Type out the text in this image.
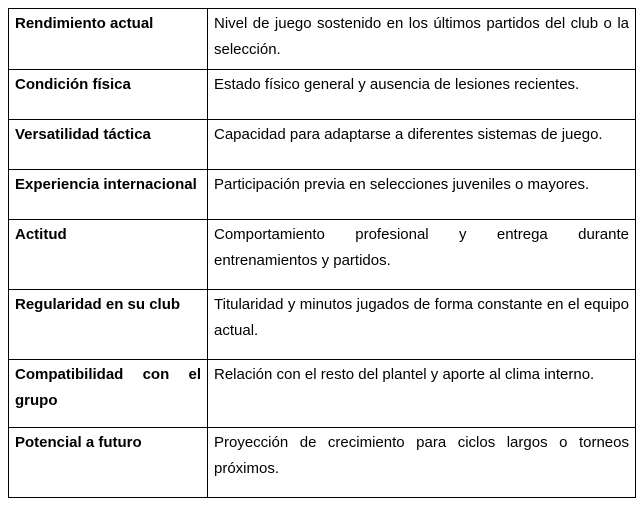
Rendimiento actual	Nivel de juego sostenido en los últimos partidos del club o la selección.
Condición física	Estado físico general y ausencia de lesiones recientes.
Versatilidad táctica	Capacidad para adaptarse a diferentes sistemas de juego.
Experiencia internacional	Participación previa en selecciones juveniles o mayores.
Actitud	Comportamiento profesional y entrega durante entrenamientos y partidos.
Regularidad en su club	Titularidad y minutos jugados de forma constante en el equipo actual.
Compatibilidad con el grupo	Relación con el resto del plantel y aporte al clima interno.
Potencial a futuro	Proyección de crecimiento para ciclos largos o torneos próximos.
